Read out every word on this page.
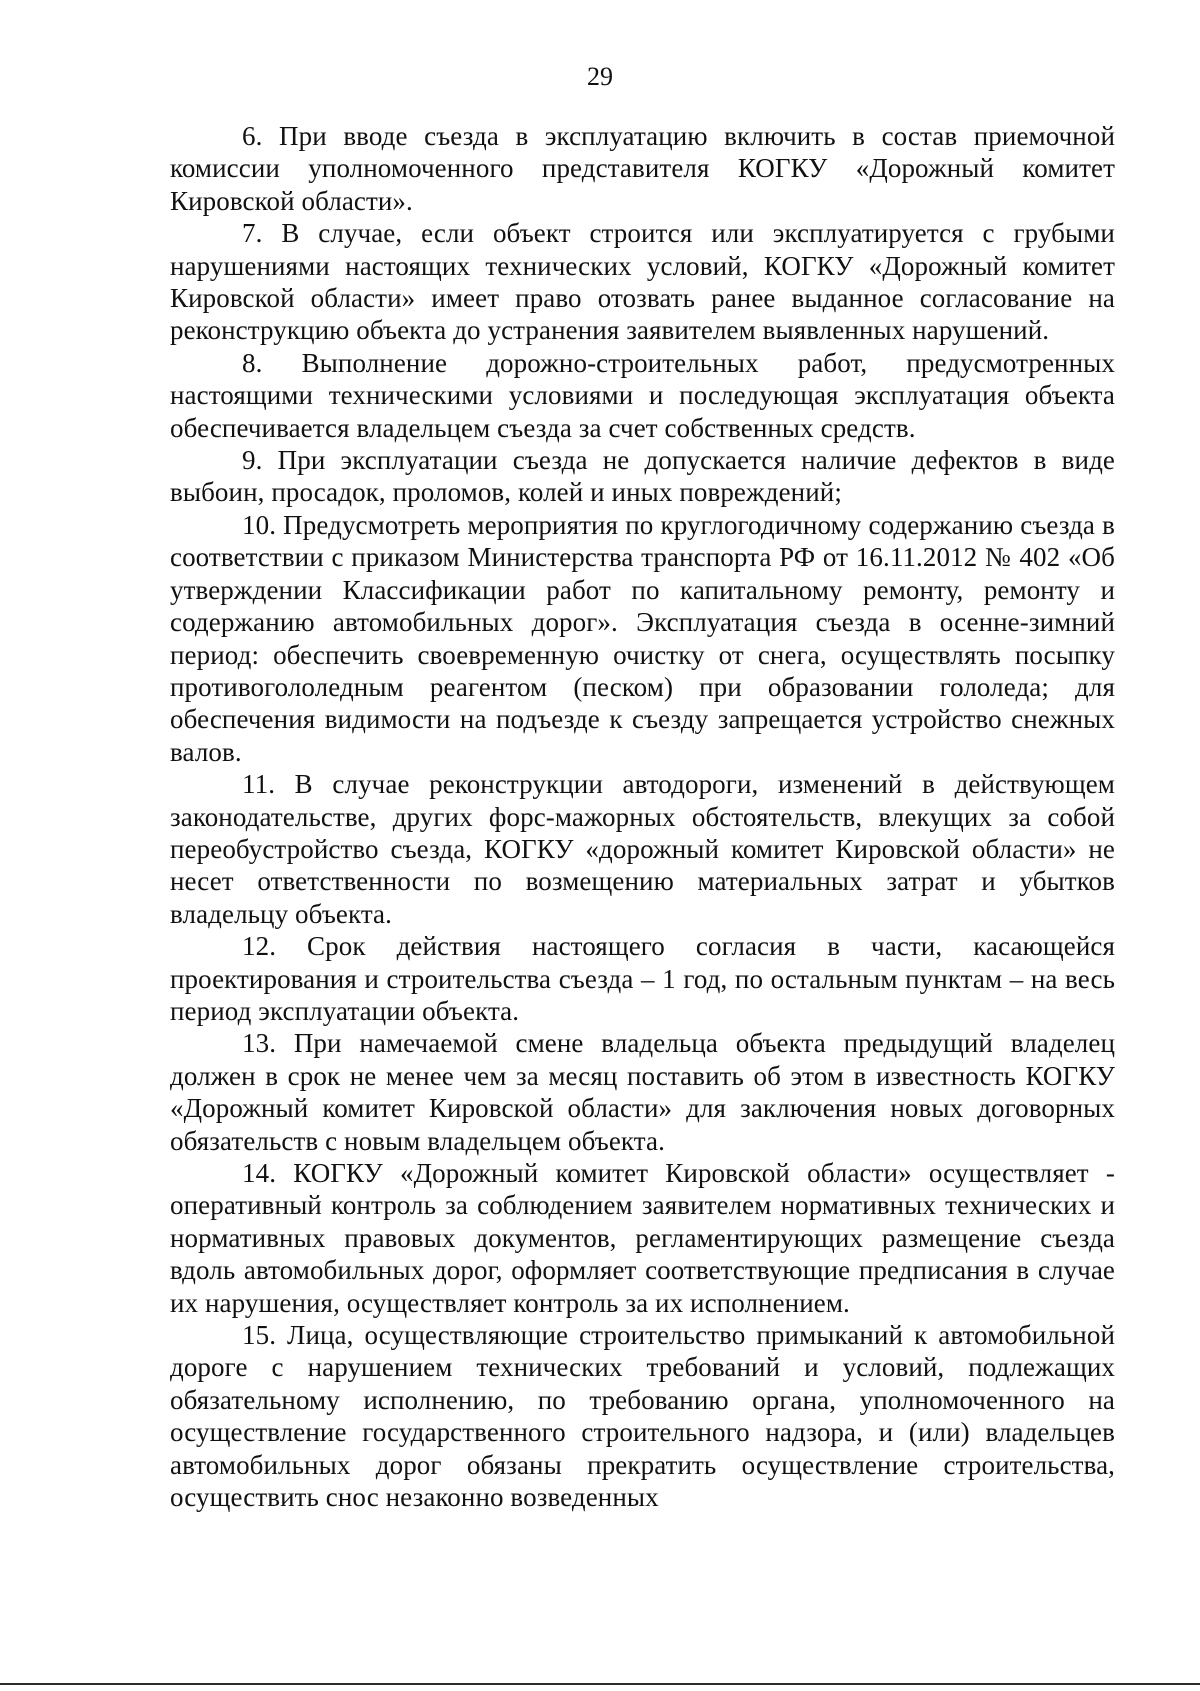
29

6. При вводе съезда в эксплуатацию включить в состав приемочной комиссии уполномоченного представителя КОГКУ «Дорожный комитет Кировской области».

7. В случае, если объект строится или эксплуатируется с грубыми нарушениями настоящих технических условий, КОГКУ «Дорожный комитет Кировской области» имеет право отозвать ранее выданное согласование на реконструкцию объекта до устранения заявителем выявленных нарушений.

8. Выполнение дорожно-строительных работ, предусмотренных настоящими техническими условиями и последующая эксплуатация объекта обеспечивается владельцем съезда за счет собственных средств.

9. При эксплуатации съезда не допускается наличие дефектов в виде выбоин, просадок, проломов, колей и иных повреждений;

10. Предусмотреть мероприятия по круглогодичному содержанию съезда в соответствии с приказом Министерства транспорта РФ от 16.11.2012 № 402 «Об утверждении Классификации работ по капитальному ремонту, ремонту и содержанию автомобильных дорог». Эксплуатация съезда в осенне-зимний период: обеспечить своевременную очистку от снега, осуществлять посыпку противогололедным реагентом (песком) при образовании гололеда; для обеспечения видимости на подъезде к съезду запрещается устройство снежных валов.

11. В случае реконструкции автодороги, изменений в действующем законодательстве, других форс-мажорных обстоятельств, влекущих за собой переобустройство съезда, КОГКУ «дорожный комитет Кировской области» не несет ответственности по возмещению материальных затрат и убытков владельцу объекта.

12. Срок действия настоящего согласия в части, касающейся проектирования и строительства съезда – 1 год, по остальным пунктам – на весь период эксплуатации объекта.

13. При намечаемой смене владельца объекта предыдущий владелец должен в срок не менее чем за месяц поставить об этом в известность КОГКУ «Дорожный комитет Кировской области» для заключения новых договорных обязательств с новым владельцем объекта.

14. КОГКУ «Дорожный комитет Кировской области» осуществляет - оперативный контроль за соблюдением заявителем нормативных технических и нормативных правовых документов, регламентирующих размещение съезда вдоль автомобильных дорог, оформляет соответствующие предписания в случае их нарушения, осуществляет контроль за их исполнением.

15. Лица, осуществляющие строительство примыканий к автомобильной дороге с нарушением технических требований и условий, подлежащих обязательному исполнению, по требованию органа, уполномоченного на осуществление государственного строительного надзора, и (или) владельцев автомобильных дорог обязаны прекратить осуществление строительства, осуществить снос незаконно возведенных
